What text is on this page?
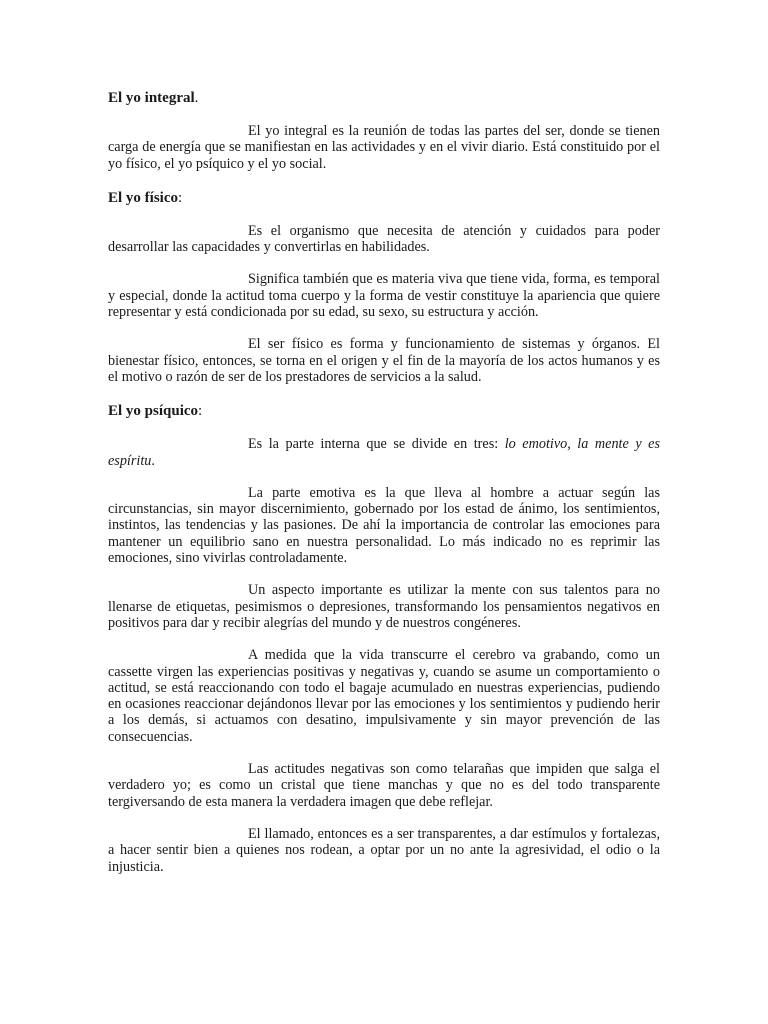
El yo integral.

El yo integral es la reunión de todas las partes del ser, donde se tienen carga de energía que se manifiestan en las actividades y en el vivir diario. Está constituido por el yo físico, el yo psíquico y el yo social.

El yo físico:

Es el organismo que necesita de atención y cuidados para poder desarrollar las capacidades y convertirlas en habilidades.

Significa también que es materia viva que tiene vida, forma, es temporal y especial, donde la actitud toma cuerpo y la forma de vestir constituye la apariencia que quiere representar y está condicionada por su edad, su sexo, su estructura y acción.

El ser físico es forma y funcionamiento de sistemas y órganos. El bienestar físico, entonces, se torna en el origen y el fin de la mayoría de los actos humanos y es el motivo o razón de ser de los prestadores de servicios a la salud.

El yo psíquico:

Es la parte interna que se divide en tres: lo emotivo, la mente y es espíritu.

La parte emotiva es la que lleva al hombre a actuar según las circunstancias, sin mayor discernimiento, gobernado por los estad de ánimo, los sentimientos, instintos, las tendencias y las pasiones. De ahí la importancia de controlar las emociones para mantener un equilibrio sano en nuestra personalidad. Lo más indicado no es reprimir las emociones, sino vivirlas controladamente.

Un aspecto importante es utilizar la mente con sus talentos para no llenarse de etiquetas, pesimismos o depresiones, transformando los pensamientos negativos en positivos para dar y recibir alegrías del mundo y de nuestros congéneres.

A medida que la vida transcurre el cerebro va grabando, como un cassette virgen las experiencias positivas y negativas y, cuando se asume un comportamiento o actitud, se está reaccionando con todo el bagaje acumulado en nuestras experiencias, pudiendo en ocasiones reaccionar dejándonos llevar por las emociones y los sentimientos y pudiendo herir a los demás, si actuamos con desatino, impulsivamente y sin mayor prevención de las consecuencias.

Las actitudes negativas son como telarañas que impiden que salga el verdadero yo; es como un cristal que tiene manchas y que no es del todo transparente tergiversando de esta manera la verdadera imagen que debe reflejar.

El llamado, entonces es a ser transparentes, a dar estímulos y fortalezas, a hacer sentir bien a quienes nos rodean, a optar por un no ante la agresividad, el odio o la injusticia.
